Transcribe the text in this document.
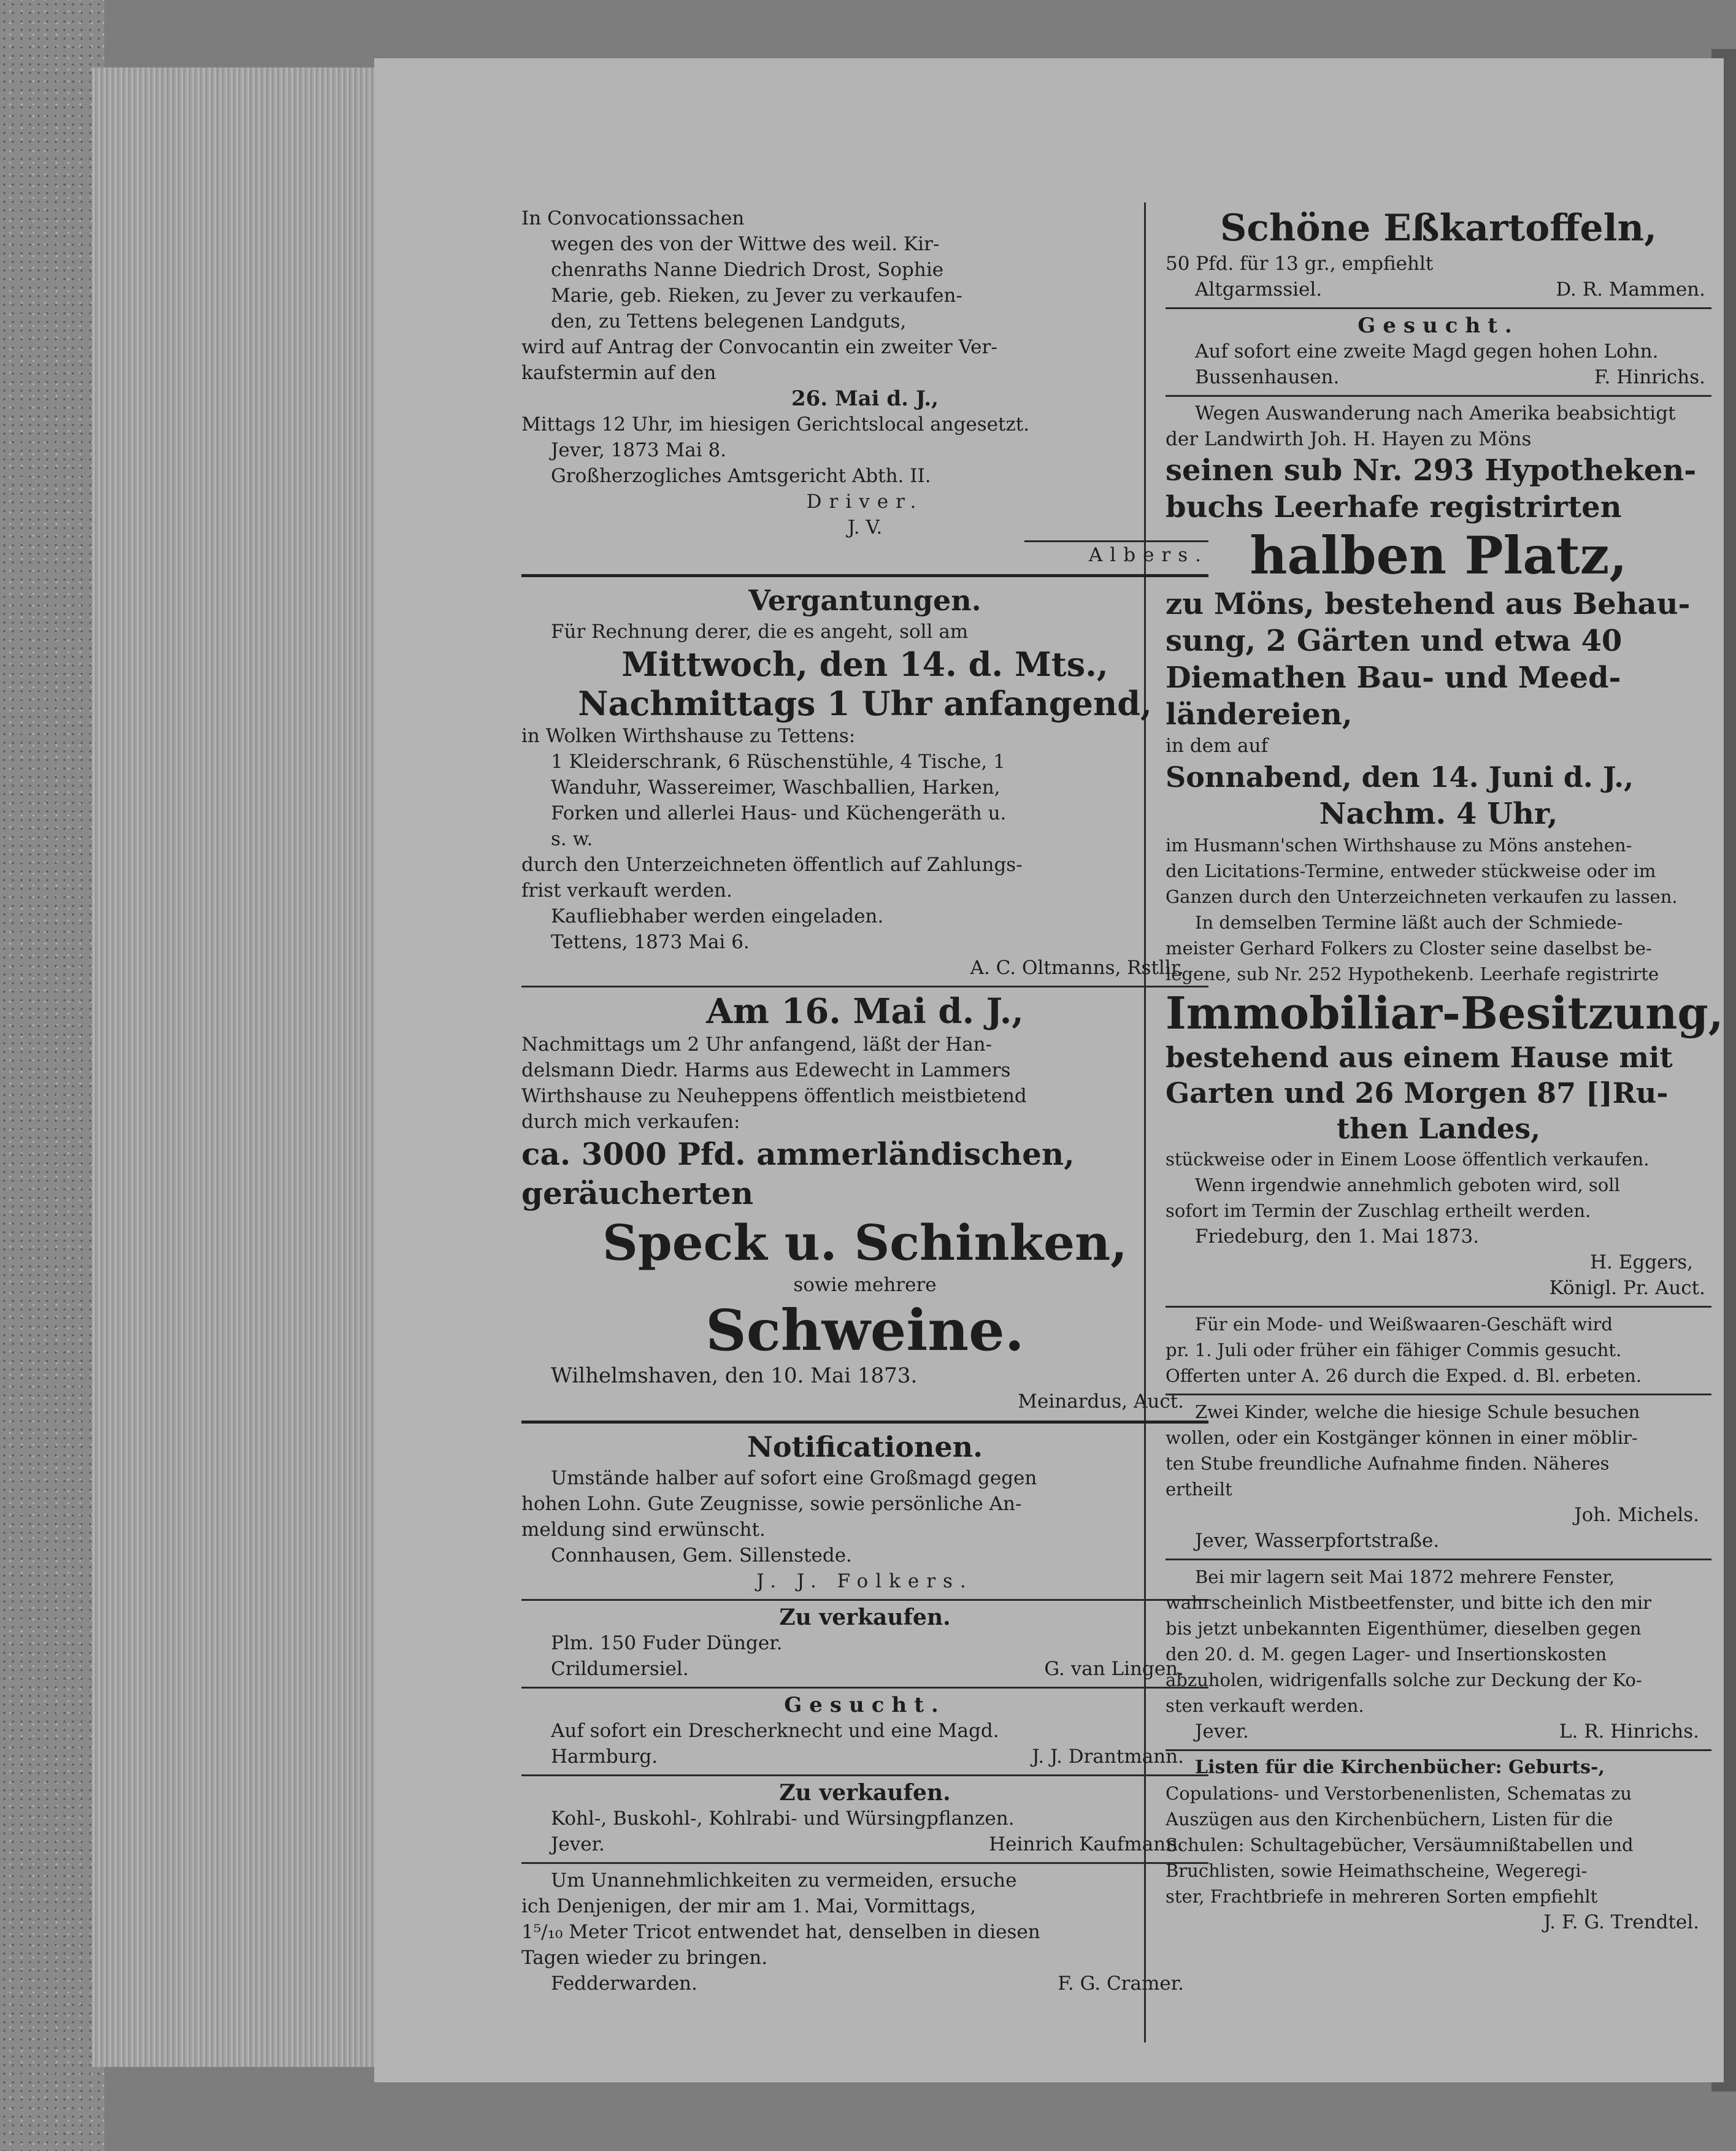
In Convocationssachen
wegen des von der Wittwe des weil. Kir-
chenraths Nanne Diedrich Drost, Sophie
Marie, geb. Rieken, zu Jever zu verkaufen-
den, zu Tettens belegenen Landguts,
wird auf Antrag der Convocantin ein zweiter Ver-
kaufstermin auf den
26. Mai d. J.,
Mittags 12 Uhr, im hiesigen Gerichtslocal angesetzt.
Jever, 1873 Mai 8.
Großherzogliches Amtsgericht Abth. II.
Driver.
J. V.
Albers.
Vergantungen.
Für Rechnung derer, die es angeht, soll am
Mittwoch, den 14. d. Mts.,
Nachmittags 1 Uhr anfangend,
in Wolken Wirthshause zu Tettens:
1 Kleiderschrank, 6 Rüschenstühle, 4 Tische, 1
Wanduhr, Wassereimer, Waschballien, Harken,
Forken und allerlei Haus- und Küchengeräth u.
s. w.
durch den Unterzeichneten öffentlich auf Zahlungs-
frist verkauft werden.
Kaufliebhaber werden eingeladen.
Tettens, 1873 Mai 6.
A. C. Oltmanns, Rstllr.
Am 16. Mai d. J.,
Nachmittags um 2 Uhr anfangend, läßt der Han-
delsmann Diedr. Harms aus Edewecht in Lammers
Wirthshause zu Neuheppens öffentlich meistbietend
durch mich verkaufen:
ca. 3000 Pfd. ammerländischen,
geräucherten
Speck u. Schinken,
sowie mehrere
Schweine.
Wilhelmshaven, den 10. Mai 1873.
Meinardus, Auct.
Notificationen.
Umstände halber auf sofort eine Großmagd gegen
hohen Lohn. Gute Zeugnisse, sowie persönliche An-
meldung sind erwünscht.
Connhausen, Gem. Sillenstede.
J. J. Folkers.
Zu verkaufen.
Plm. 150 Fuder Dünger.
Crildumersiel.	G. van Lingen.
Gesucht.
Auf sofort ein Drescherknecht und eine Magd.
Harmburg.	J. J. Drantmann.
Zu verkaufen.
Kohl-, Buskohl-, Kohlrabi- und Würsingpflanzen.
Jever.	Heinrich Kaufmann.
Um Unannehmlichkeiten zu vermeiden, ersuche
ich Denjenigen, der mir am 1. Mai, Vormittags,
1⁵/₁₀ Meter Tricot entwendet hat, denselben in diesen
Tagen wieder zu bringen.
Fedderwarden.	F. G. Cramer.
Schöne Eßkartoffeln,
50 Pfd. für 13 gr., empfiehlt
Altgarmssiel.	D. R. Mammen.
Gesucht.
Auf sofort eine zweite Magd gegen hohen Lohn.
Bussenhausen.	F. Hinrichs.
Wegen Auswanderung nach Amerika beabsichtigt
der Landwirth Joh. H. Hayen zu Möns
seinen sub Nr. 293 Hypotheken-
buchs Leerhafe registrirten
halben Platz,
zu Möns, bestehend aus Behau-
sung, 2 Gärten und etwa 40
Diemathen Bau- und Meed-
ländereien,
in dem auf
Sonnabend, den 14. Juni d. J.,
Nachm. 4 Uhr,
im Husmann'schen Wirthshause zu Möns anstehen-
den Licitations-Termine, entweder stückweise oder im
Ganzen durch den Unterzeichneten verkaufen zu lassen.
In demselben Termine läßt auch der Schmiede-
meister Gerhard Folkers zu Closter seine daselbst be-
legene, sub Nr. 252 Hypothekenb. Leerhafe registrirte
Immobiliar-Besitzung,
bestehend aus einem Hause mit
Garten und 26 Morgen 87 []Ru-
then Landes,
stückweise oder in Einem Loose öffentlich verkaufen.
Wenn irgendwie annehmlich geboten wird, soll
sofort im Termin der Zuschlag ertheilt werden.
Friedeburg, den 1. Mai 1873.
H. Eggers,
Königl. Pr. Auct.
Für ein Mode- und Weißwaaren-Geschäft wird
pr. 1. Juli oder früher ein fähiger Commis gesucht.
Offerten unter A. 26 durch die Exped. d. Bl. erbeten.
Zwei Kinder, welche die hiesige Schule besuchen
wollen, oder ein Kostgänger können in einer möblir-
ten Stube freundliche Aufnahme finden. Näheres
ertheilt
Joh. Michels.
Jever, Wasserpfortstraße.
Bei mir lagern seit Mai 1872 mehrere Fenster,
wahrscheinlich Mistbeetfenster, und bitte ich den mir
bis jetzt unbekannten Eigenthümer, dieselben gegen
den 20. d. M. gegen Lager- und Insertionskosten
abzuholen, widrigenfalls solche zur Deckung der Ko-
sten verkauft werden.
Jever.	L. R. Hinrichs.
Listen für die Kirchenbücher: Geburts-,
Copulations- und Verstorbenenlisten, Schematas zu
Auszügen aus den Kirchenbüchern, Listen für die
Schulen: Schultagebücher, Versäumnißtabellen und
Bruchlisten, sowie Heimathscheine, Wegeregi-
ster, Frachtbriefe in mehreren Sorten empfiehlt
J. F. G. Trendtel.
